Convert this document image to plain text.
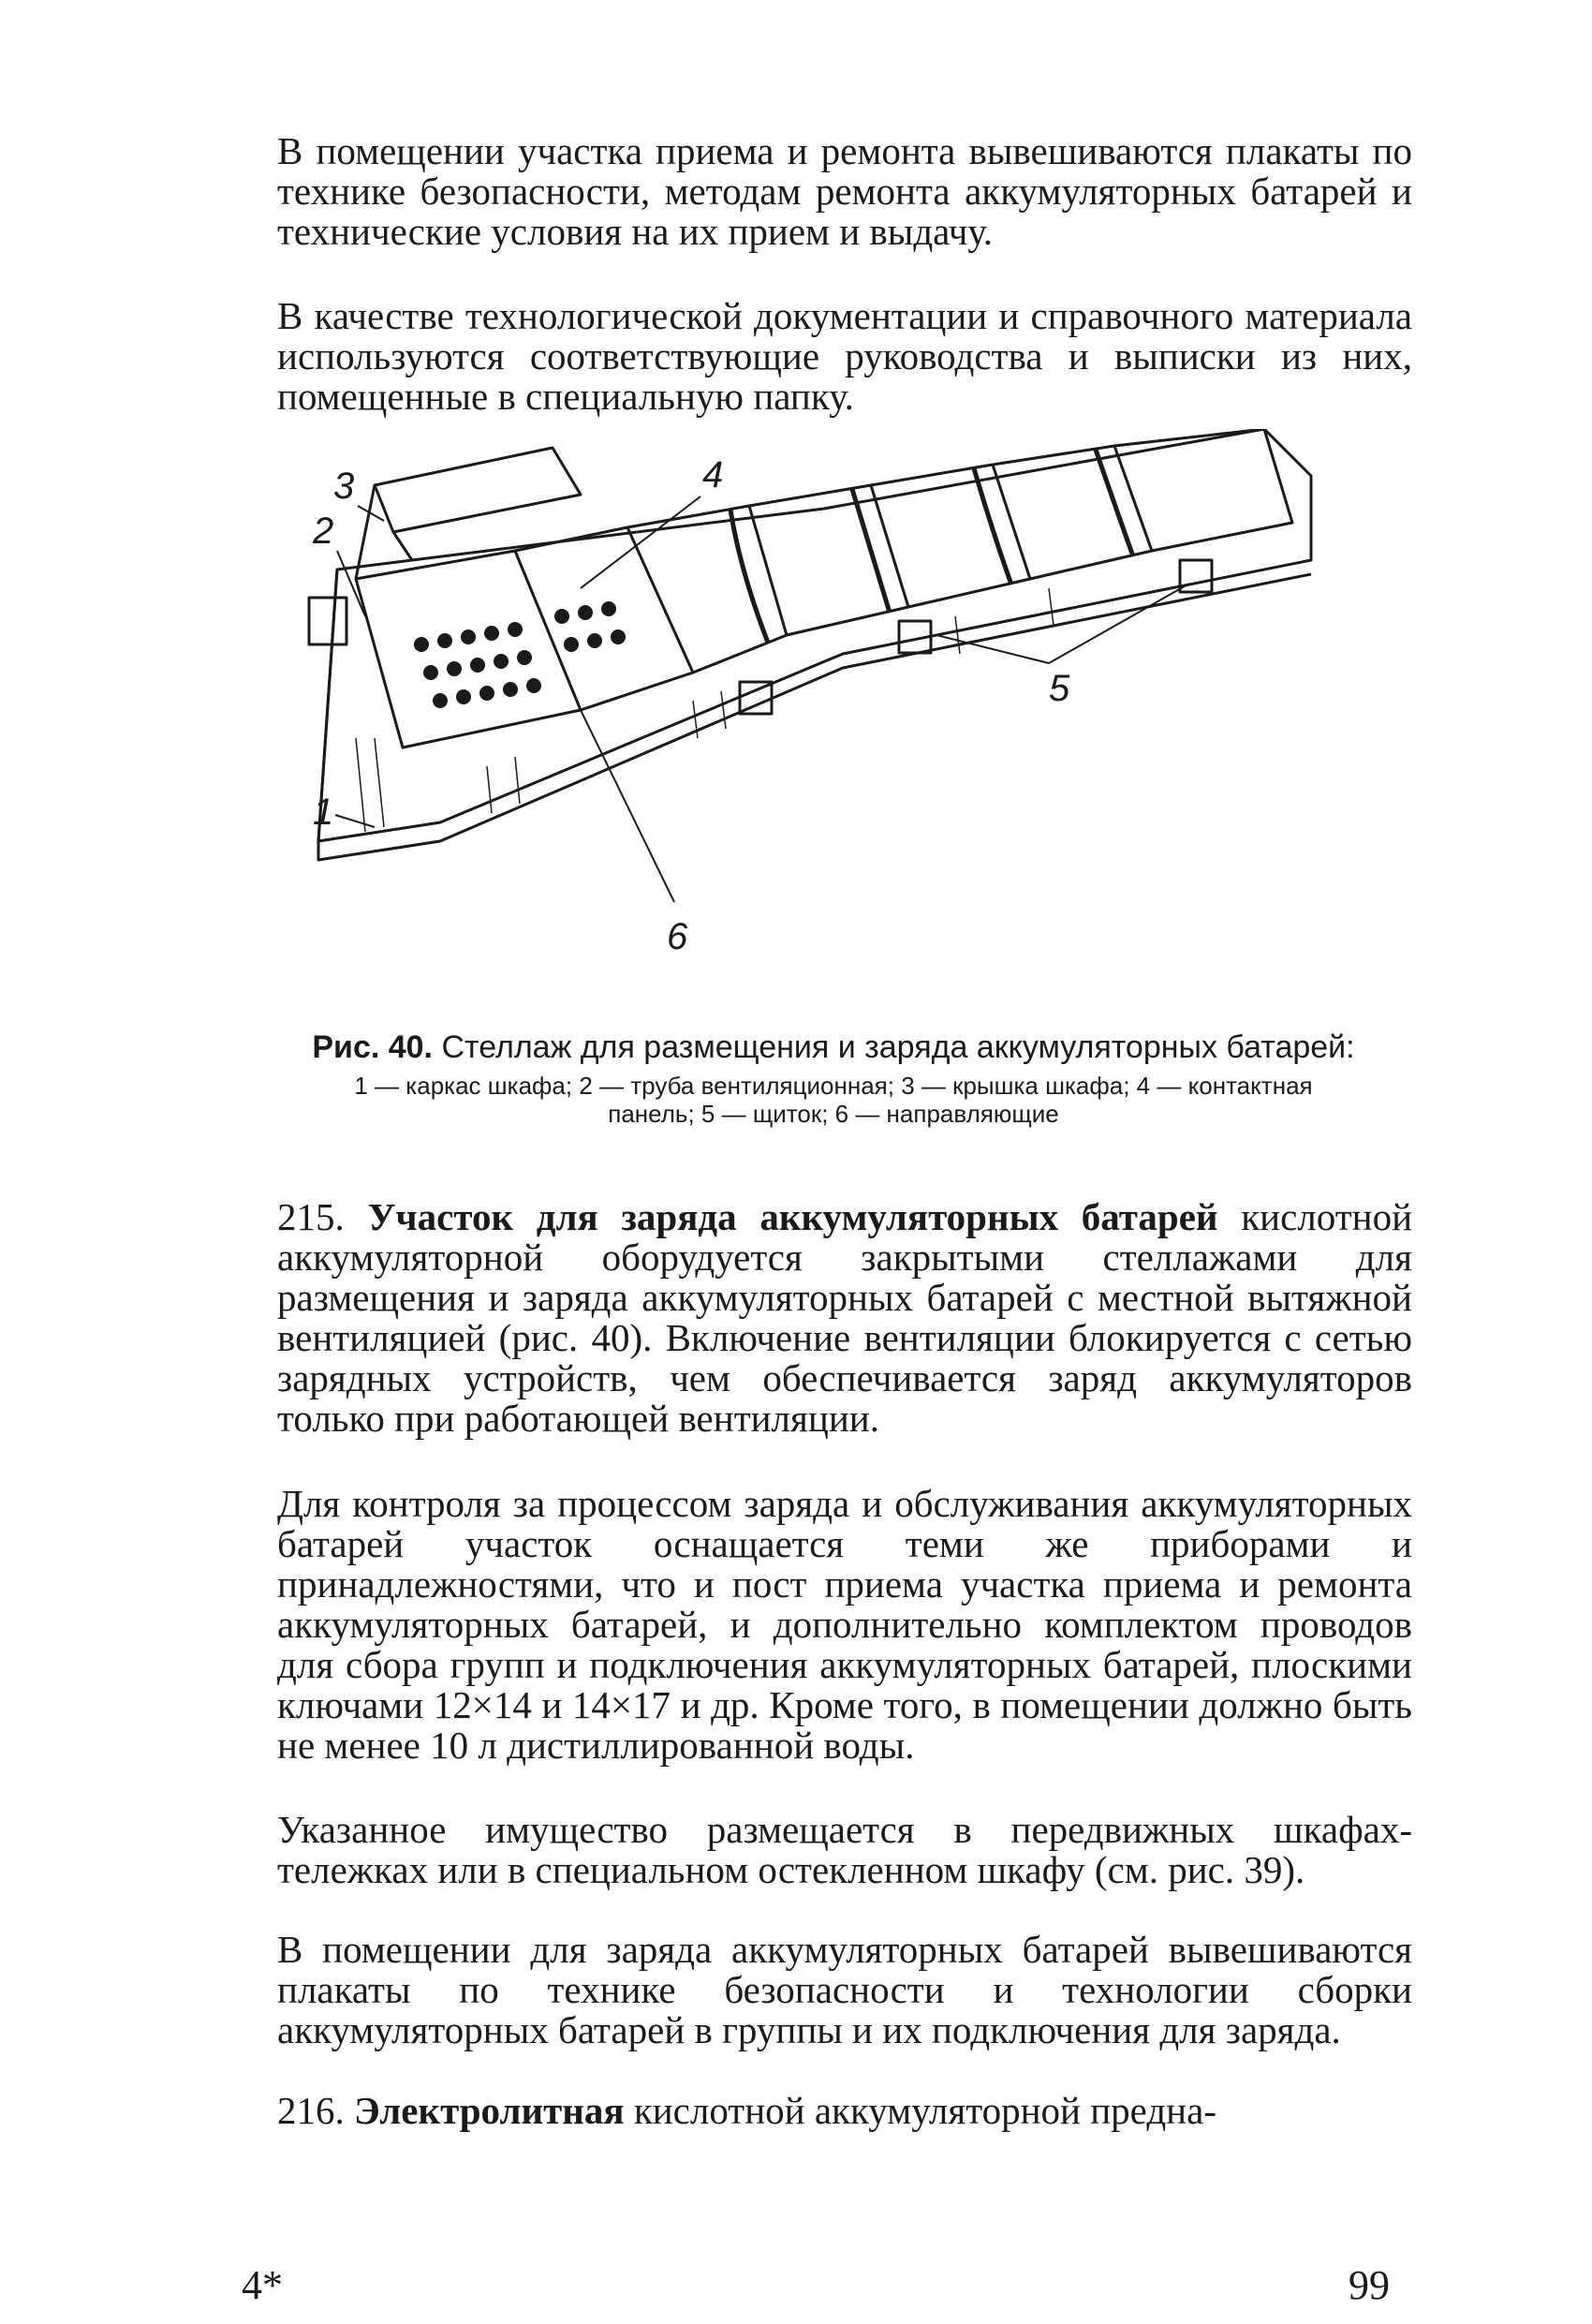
В помещении участка приема и ремонта вывешиваются плакаты по технике безопасности, методам ремонта аккумуляторных батарей и технические условия на их прием и выдачу.

В качестве технологической документации и справочного материала используются соответствующие руководства и выписки из них, помещенные в специальную папку.

1
2
3	4
5
6
Рис. 40. Стеллаж для размещения и заряда аккумуляторных батарей:
1 — каркас шкафа; 2 — труба вентиляционная; 3 — крышка шкафа; 4 — контактная
панель; 5 — щиток; 6 — направляющие

215. Участок для заряда аккумуляторных батарей кислотной аккумуляторной оборудуется закрытыми стеллажами для размещения и заряда аккумуляторных батарей с местной вытяжной вентиляцией (рис. 40). Включение вентиляции блокируется с сетью зарядных устройств, чем обеспечивается заряд аккумуляторов только при работающей вентиляции.

Для контроля за процессом заряда и обслуживания аккумуляторных батарей участок оснащается теми же приборами и принадлежностями, что и пост приема участка приема и ремонта аккумуляторных батарей, и дополнительно комплектом проводов для сбора групп и подключения аккумуляторных батарей, плоскими ключами 12×14 и 14×17 и др. Кроме того, в помещении должно быть не менее 10 л дистиллированной воды.

Указанное имущество размещается в передвижных шкафах-тележках или в специальном остекленном шкафу (см. рис. 39).

В помещении для заряда аккумуляторных батарей вывешиваются плакаты по технике безопасности и технологии сборки аккумуляторных батарей в группы и их подключения для заряда.

216. Электролитная кислотной аккумуляторной предна-

4*	99
